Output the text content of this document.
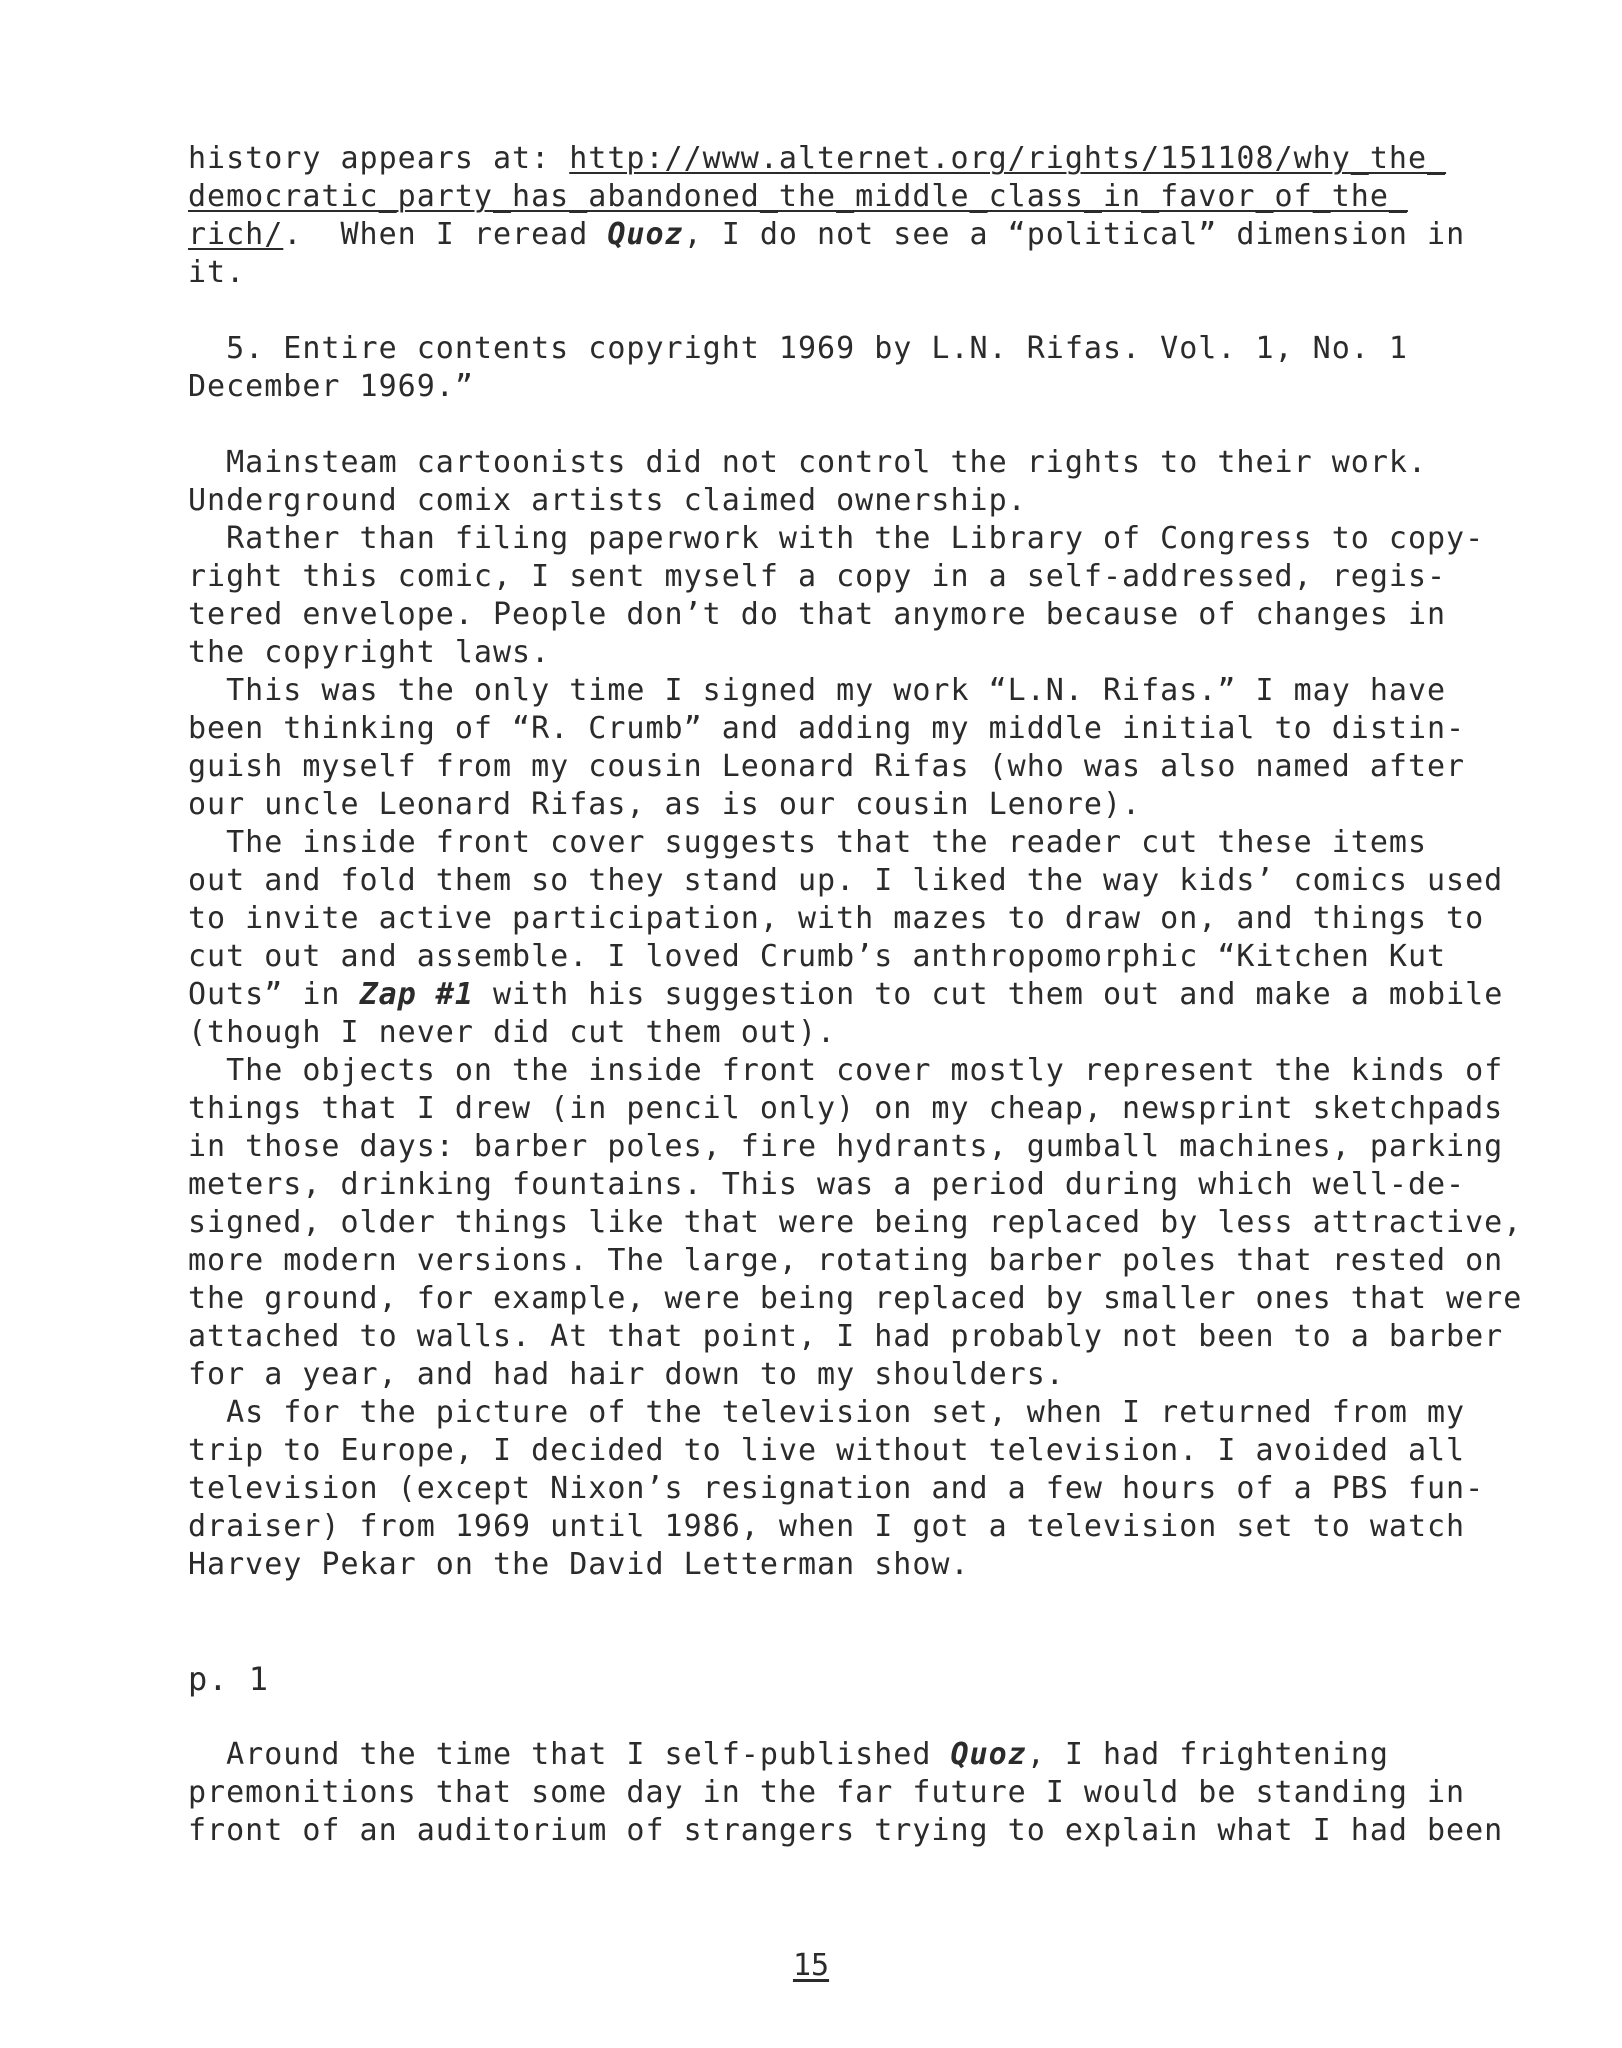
history appears at: http://www.alternet.org/rights/151108/why_the_
democratic_party_has_abandoned_the_middle_class_in_favor_of_the_
rich/.  When I reread Quoz, I do not see a “political” dimension in
it.
5. Entire contents copyright 1969 by L.N. Rifas. Vol. 1, No. 1
December 1969.”
Mainsteam cartoonists did not control the rights to their work.
Underground comix artists claimed ownership.
Rather than filing paperwork with the Library of Congress to copy-
right this comic, I sent myself a copy in a self-addressed, regis-
tered envelope. People don’t do that anymore because of changes in
the copyright laws.
This was the only time I signed my work “L.N. Rifas.” I may have
been thinking of “R. Crumb” and adding my middle initial to distin-
guish myself from my cousin Leonard Rifas (who was also named after
our uncle Leonard Rifas, as is our cousin Lenore).
The inside front cover suggests that the reader cut these items
out and fold them so they stand up. I liked the way kids’ comics used
to invite active participation, with mazes to draw on, and things to
cut out and assemble. I loved Crumb’s anthropomorphic “Kitchen Kut
Outs” in Zap #1 with his suggestion to cut them out and make a mobile
(though I never did cut them out).
The objects on the inside front cover mostly represent the kinds of
things that I drew (in pencil only) on my cheap, newsprint sketchpads
in those days: barber poles, fire hydrants, gumball machines, parking
meters, drinking fountains. This was a period during which well-de-
signed, older things like that were being replaced by less attractive,
more modern versions. The large, rotating barber poles that rested on
the ground, for example, were being replaced by smaller ones that were
attached to walls. At that point, I had probably not been to a barber
for a year, and had hair down to my shoulders.
As for the picture of the television set, when I returned from my
trip to Europe, I decided to live without television. I avoided all
television (except Nixon’s resignation and a few hours of a PBS fun-
draiser) from 1969 until 1986, when I got a television set to watch
Harvey Pekar on the David Letterman show.
p. 1
Around the time that I self-published Quoz, I had frightening
premonitions that some day in the far future I would be standing in
front of an auditorium of strangers trying to explain what I had been
15
